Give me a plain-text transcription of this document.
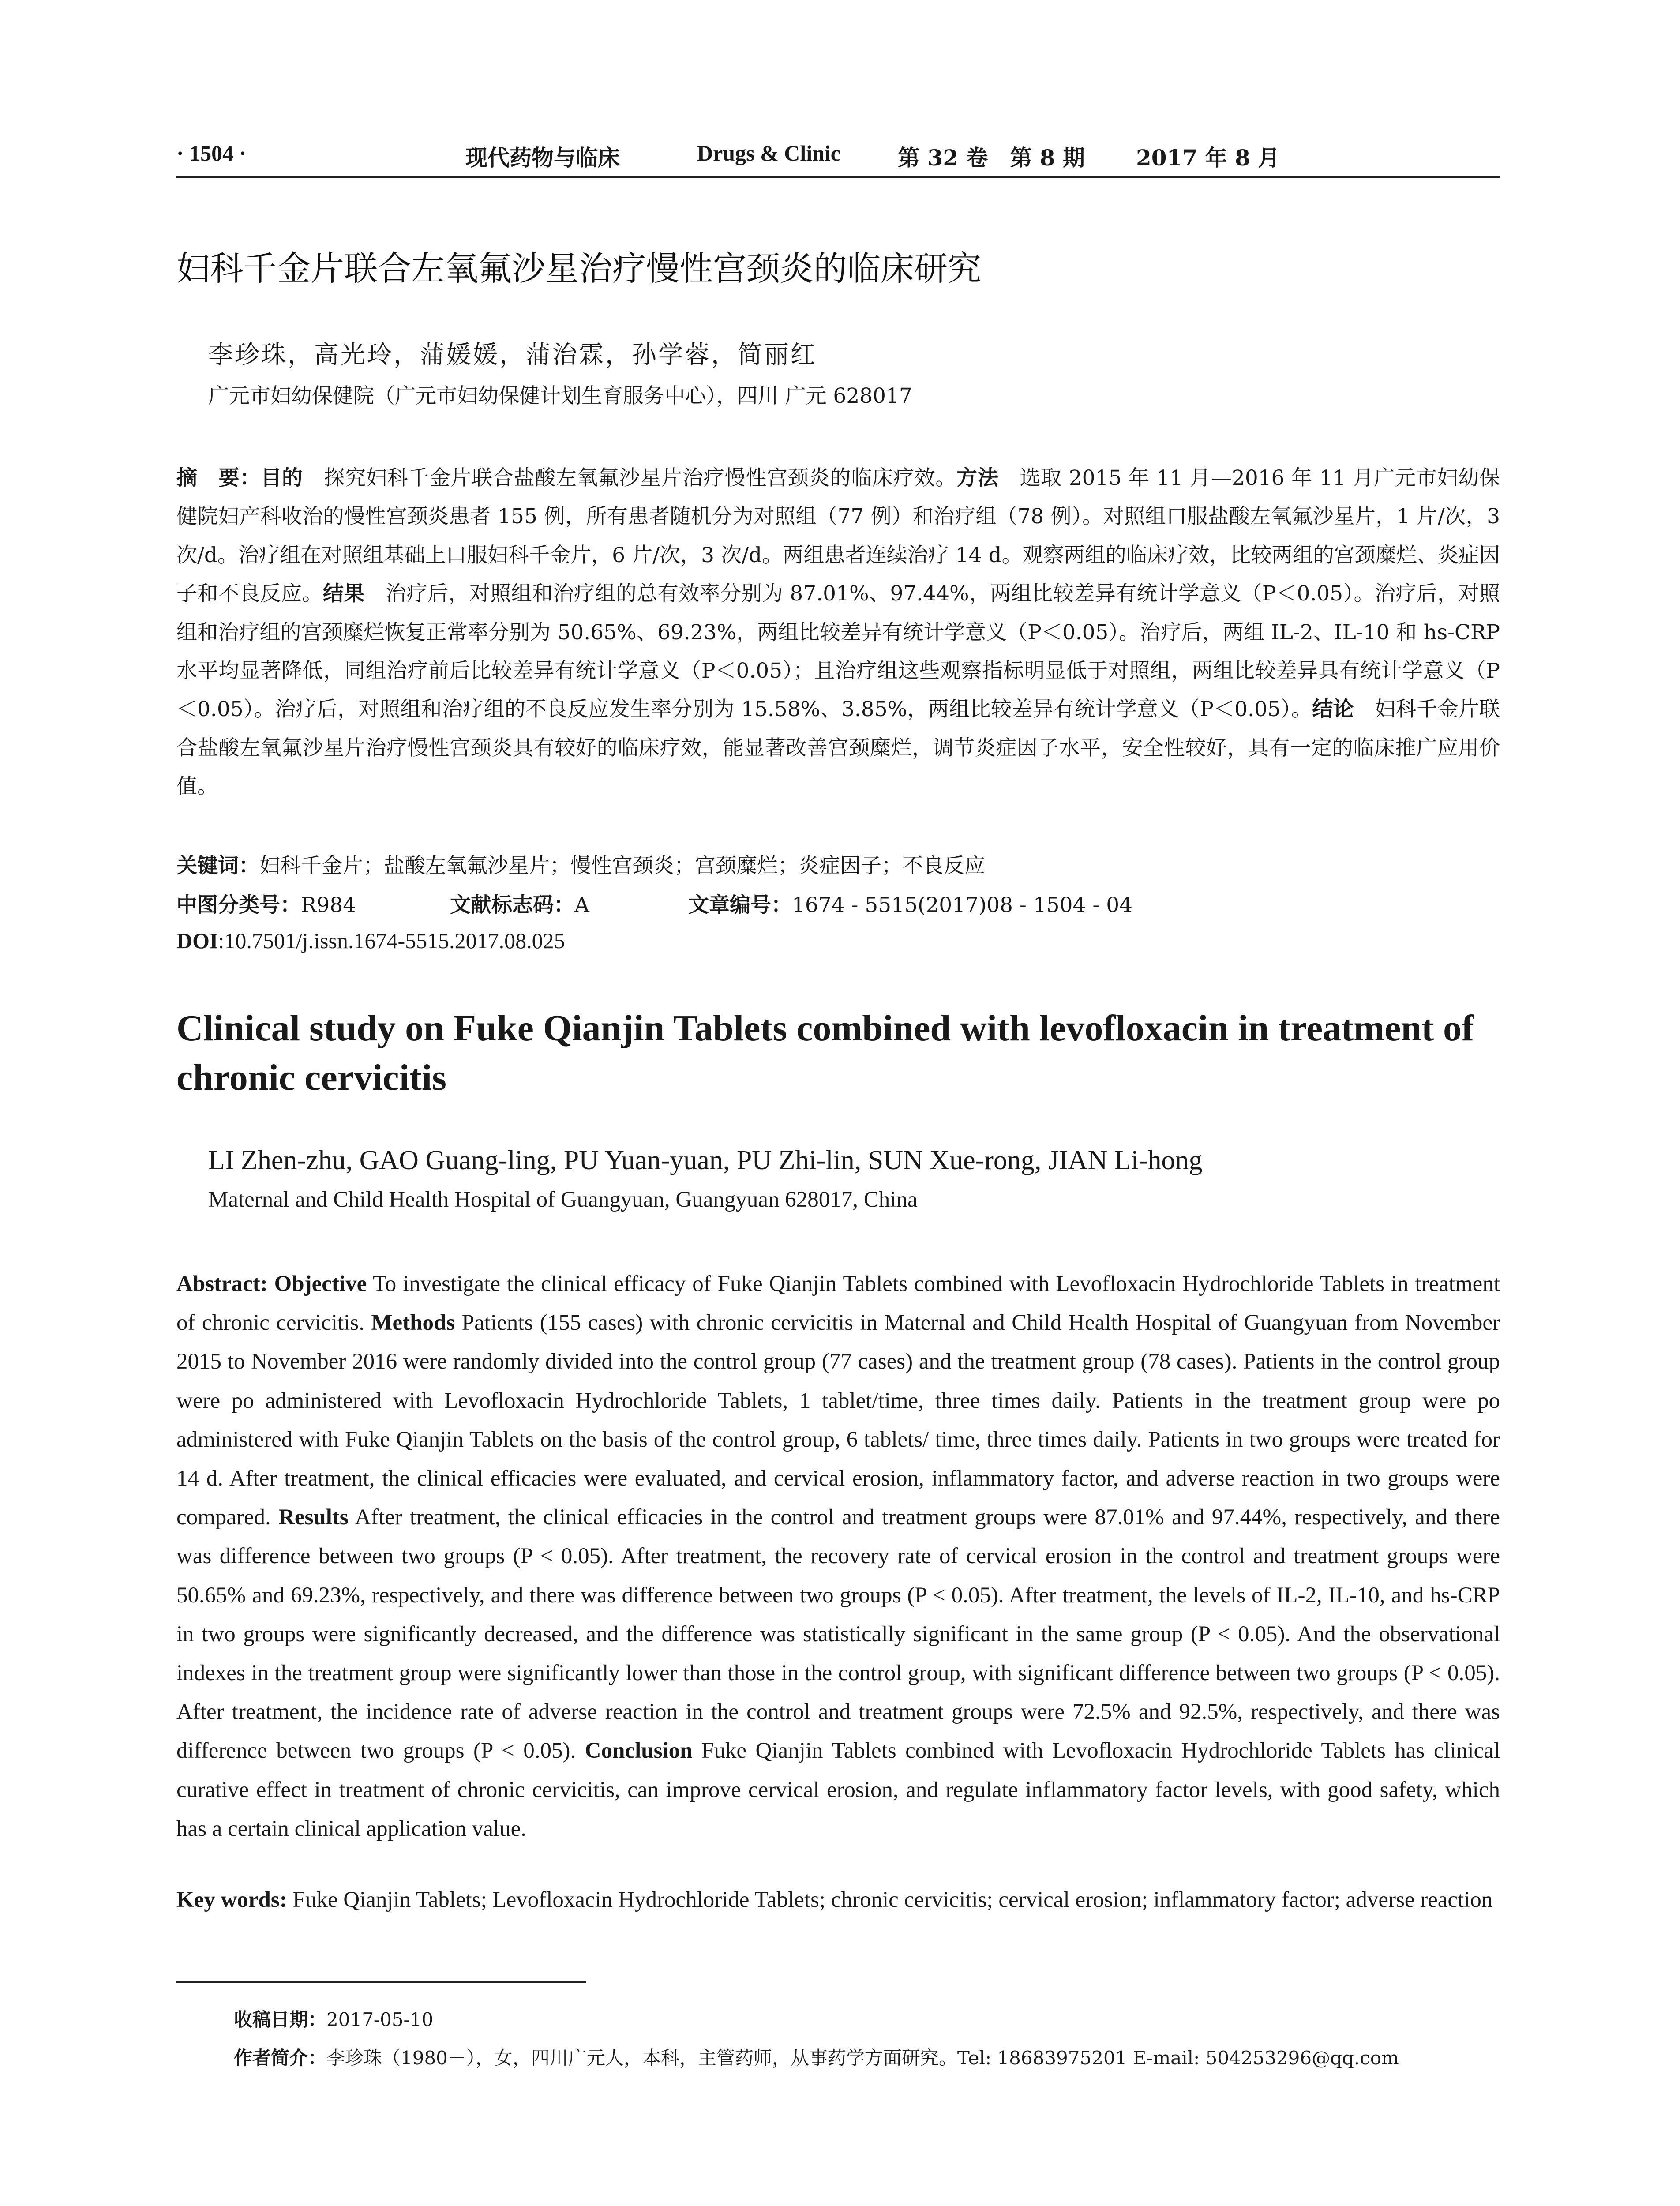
· 1504 ·	现代药物与临床	Drugs & Clinic	第 32 卷　第 8 期 2017 年 8 月
妇科千金片联合左氧氟沙星治疗慢性宫颈炎的临床研究
李珍珠，高光玲，蒲媛媛，蒲治霖，孙学蓉，简丽红
广元市妇幼保健院（广元市妇幼保健计划生育服务中心），四川 广元 628017
摘　要：目的　探究妇科千金片联合盐酸左氧氟沙星片治疗慢性宫颈炎的临床疗效。方法　选取 2015 年 11 月—2016 年 11 月广元市妇幼保健院妇产科收治的慢性宫颈炎患者 155 例，所有患者随机分为对照组（77 例）和治疗组（78 例）。对照组口服盐酸左氧氟沙星片，1 片/次，3 次/d。治疗组在对照组基础上口服妇科千金片，6 片/次，3 次/d。两组患者连续治疗 14 d。观察两组的临床疗效，比较两组的宫颈糜烂、炎症因子和不良反应。结果　治疗后，对照组和治疗组的总有效率分别为 87.01%、97.44%，两组比较差异有统计学意义（P＜0.05）。治疗后，对照组和治疗组的宫颈糜烂恢复正常率分别为 50.65%、69.23%，两组比较差异有统计学意义（P＜0.05）。治疗后，两组 IL-2、IL-10 和 hs-CRP 水平均显著降低，同组治疗前后比较差异有统计学意义（P＜0.05）；且治疗组这些观察指标明显低于对照组，两组比较差异具有统计学意义（P＜0.05）。治疗后，对照组和治疗组的不良反应发生率分别为 15.58%、3.85%，两组比较差异有统计学意义（P＜0.05）。结论　妇科千金片联合盐酸左氧氟沙星片治疗慢性宫颈炎具有较好的临床疗效，能显著改善宫颈糜烂，调节炎症因子水平，安全性较好，具有一定的临床推广应用价值。
关键词：妇科千金片；盐酸左氧氟沙星片；慢性宫颈炎；宫颈糜烂；炎症因子；不良反应
中图分类号：R984	文献标志码：A	文章编号：1674 - 5515(2017)08 - 1504 - 04
DOI:10.7501/j.issn.1674-5515.2017.08.025
Clinical study on Fuke Qianjin Tablets combined with levofloxacin in treatment of chronic cervicitis
LI Zhen-zhu, GAO Guang-ling, PU Yuan-yuan, PU Zhi-lin, SUN Xue-rong, JIAN Li-hong
Maternal and Child Health Hospital of Guangyuan, Guangyuan 628017, China
Abstract: Objective To investigate the clinical efficacy of Fuke Qianjin Tablets combined with Levofloxacin Hydrochloride Tablets in treatment of chronic cervicitis. Methods Patients (155 cases) with chronic cervicitis in Maternal and Child Health Hospital of Guangyuan from November 2015 to November 2016 were randomly divided into the control group (77 cases) and the treatment group (78 cases). Patients in the control group were po administered with Levofloxacin Hydrochloride Tablets, 1 tablet/time, three times daily. Patients in the treatment group were po administered with Fuke Qianjin Tablets on the basis of the control group, 6 tablets/ time, three times daily. Patients in two groups were treated for 14 d. After treatment, the clinical efficacies were evaluated, and cervical erosion, inflammatory factor, and adverse reaction in two groups were compared. Results After treatment, the clinical efficacies in the control and treatment groups were 87.01% and 97.44%, respectively, and there was difference between two groups (P < 0.05). After treatment, the recovery rate of cervical erosion in the control and treatment groups were 50.65% and 69.23%, respectively, and there was difference between two groups (P < 0.05). After treatment, the levels of IL-2, IL-10, and hs-CRP in two groups were significantly decreased, and the difference was statistically significant in the same group (P < 0.05). And the observational indexes in the treatment group were significantly lower than those in the control group, with significant difference between two groups (P < 0.05). After treatment, the incidence rate of adverse reaction in the control and treatment groups were 72.5% and 92.5%, respectively, and there was difference between two groups (P < 0.05). Conclusion Fuke Qianjin Tablets combined with Levofloxacin Hydrochloride Tablets has clinical curative effect in treatment of chronic cervicitis, can improve cervical erosion, and regulate inflammatory factor levels, with good safety, which has a certain clinical application value.
Key words: Fuke Qianjin Tablets; Levofloxacin Hydrochloride Tablets; chronic cervicitis; cervical erosion; inflammatory factor; adverse reaction
收稿日期：2017-05-10
作者简介：李珍珠（1980－），女，四川广元人，本科，主管药师，从事药学方面研究。Tel: 18683975201 E-mail: 504253296@qq.com
